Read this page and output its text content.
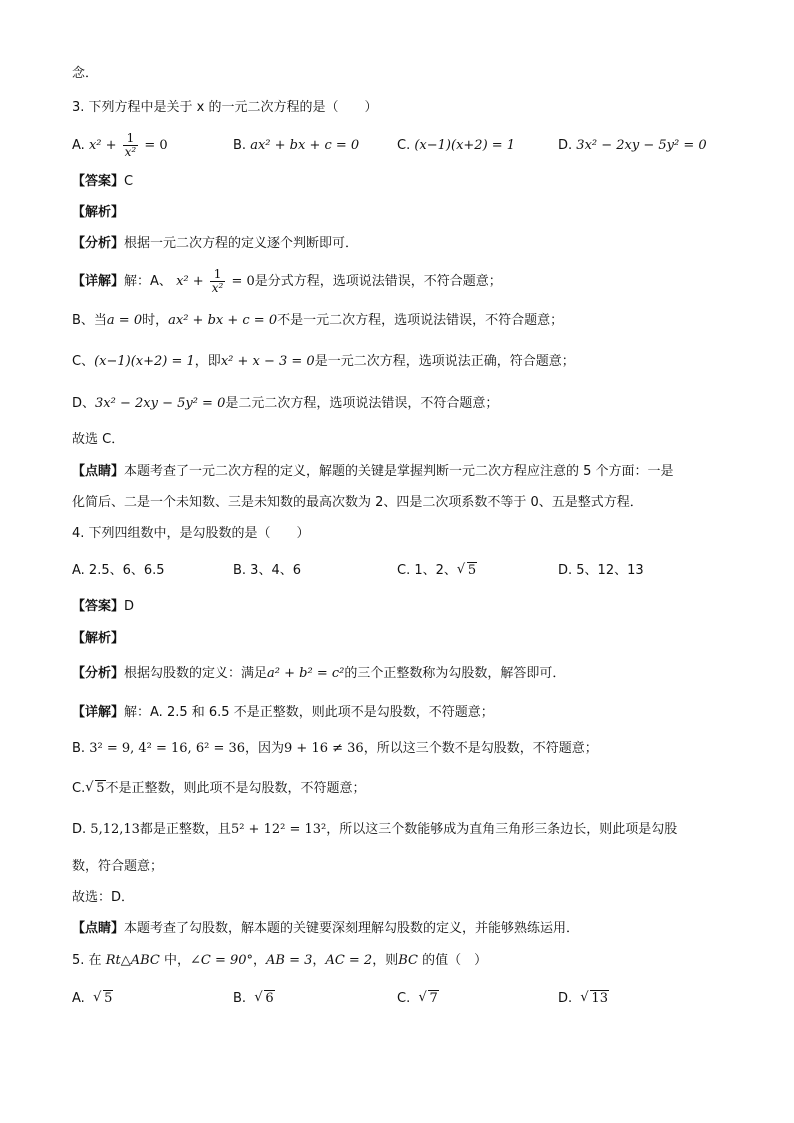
念．
3. 下列方程中是关于 x 的一元二次方程的是（　　）
A. $x^2 + \frac{1}{\text{x²}} = 0$	B. ax² + bx + c = 0	C. (x−1)(x+2) = 1	D. 3x² − 2xy − 5y² = 0
【答案】C
【解析】
【分析】根据一元二次方程的定义逐个判断即可．
【详解】解：A、 $x^2 + \frac{1}{\text{x²}} = 0$是分式方程，选项说法错误，不符合题意；
B、当a = 0时，ax² + bx + c = 0不是一元二次方程，选项说法错误，不符合题意；
C、(x−1)(x+2) = 1，即x² + x − 3 = 0是一元二次方程，选项说法正确，符合题意；
D、3x² − 2xy − 5y² = 0是二元二次方程，选项说法错误，不符合题意；
故选 C．
【点睛】本题考查了一元二次方程的定义，解题的关键是掌握判断一元二次方程应注意的 5 个方面：一是
化简后、二是一个未知数、三是未知数的最高次数为 2、四是二次项系数不等于 0、五是整式方程．
4. 下列四组数中，是勾股数的是（　　）
A. 2.5、6、6.5	B. 3、4、6	C. 1、2、 √ 5	D. 5、12、13
【答案】D
【解析】
【分析】根据勾股数的定义：满足a² + b² = c²的三个正整数称为勾股数，解答即可．
【详解】解：A. 2.5 和 6.5 不是正整数，则此项不是勾股数，不符题意；
B. 3² = 9, 4² = 16, 6² = 36，因为9 + 16 ≠ 36，所以这三个数不是勾股数，不符题意；
C. √ 5不是正整数，则此项不是勾股数，不符题意；
D. 5,12,13都是正整数，且5² + 12² = 13²，所以这三个数能够成为直角三角形三条边长，则此项是勾股
数，符合题意；
故选：D．
【点睛】本题考查了勾股数，解本题的关键要深刻理解勾股数的定义，并能够熟练运用．
5. 在 Rt△ABC 中，∠C = 90°，AB = 3，AC = 2，则BC 的值（　）
A. √ 5	B. √ 6	C. √ 7	D. √ 13
